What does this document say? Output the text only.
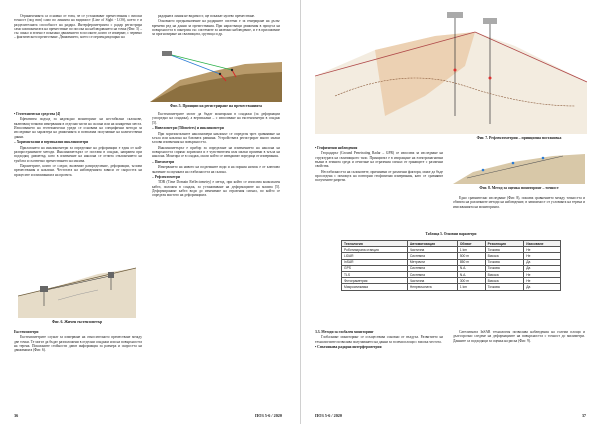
Ограниченията са основно от това, че се установяват премествания с високи точност (под mm) само по линията на видимост (Line of Sight - LOS), което е и разделителната способност на радара. Интерферометрията с радар регистрира само компонентата на преместване по посока на наблюдаването на точка (Фиг. 5) – със синьо и зелено е показано движението в посоките, които се измерват, с червено – фактическото преместване. Движението, което се перпендикулярно на

радарната линия не видимост, ще покажат нулево преместване.

Основното предназначение на радарните системи е за генериране на дълъг времеви ред на данни за премествания. При нарастващи движения в процеса на повърхността в синергия със системите за наземно наблюдение, и е в приложение за прогнозиране на свлачищата, срутища и др.

Фиг. 5. Принцип на регистриране на преместванията

• Геотехнически средства [4]

Ефективен подход за надеждно мониторинг на нестабилни склонове, включващ точкови измервания в отделни части на склона или на конкретни места. Използването на геотехнически уреди се основава на специфични методи за изследване на характера на движенията и позволява получаване на количествени данни.

– Хоризонтални и вертикални инклинометри

Прилагането на инклинометри за определяне на деформации е един от най-разпространените методи. Инклинометърът се поставя в сондаж, направен при подходящ диаметър, като в изменение на наклона се отчита отклонението на тръбата и съответно преместването на масива.

Параметрите, които се следят, включват разпределение, деформации, ъглови премествания и наклони. Честотата на наблюденията зависи от скоростта на процесите и изискванията на проекта.

Екстензометрите могат да бъдат монтирани в сондажи (за деформации успоредно на сондажа), а вертикални – с използване на екстензометри в сондаж [5].

– Нивелометри (Tiltmeters) и инклинометри

При хоризонталните наклономери наклонът се определя чрез сравняване на ъгъла или наклона на базовата равнина. Устройствата регистрират много малки ъглови изменения на повърхността.

Инклинометърът е прибор за определяне на изменението на наклона на повърхността спрямо хоризонта и е чувствителен към малки промени в ъгъла на наклона. Монтира се в сондаж, около който се извършват поредица от измервания.

– Пиезометри

Измерването на нивото на подземните води и на порния натиск е от ключово значение за оценката на стабилността на склона.

– Рефлектометри

TDR (Time Domain Reflectometry) е метод, при който се използва коаксиален кабел, положен в сондаж, за установяване на деформациите на масива [5]. Деформираният кабел води до изменение на отразения сигнал, по който се определя мястото на деформацията.

Фиг. 6. Жичен екстензометър

Екстензометри

Екстензометрите служат за измерване на относителното преместване между две точки. Те могат да бъдат разположени в отделни сондажи или на повърхността на терена. Показаните стойности дават информация за размера и скоростта на движенията (Фиг. 6).

36	ПОЗ 5-6 / 2020
Фиг. 7. Рефлектометрия – принципна постановка

• Геофизични наблюдения

Георадарът (Ground Penetrating Radar – GPR) се използва за изследване на структурата на свлачищното тяло. Принципът е в изпращане на електромагнитни вълни в земната среда и отчитане на отразения сигнал от границите с различни свойства.

Нестабилността на склоновете, причинени от различни фактори, може да бъде проследена с помощта на повторни геофизични измервания, като се сравняват получените разрези.

Фиг. 8. Метод за оценка мониторинг – точност

Едно сравнително изследване (Фиг. 8), показва сравнението между точността и обхвата на различните методи на наблюдение, в зависимост от условията на терена и изискванията на мониторинга.

Таблица 5. Основни параметри
Технология	Автоматизация	Обхват	Резолюция	Изискване
Роботизирана станция	Частична	1 km	Точкова	Не
LiDAR	Системна	500 m	Висока	Не
InSAR	Метрични	850 m	Точкова	Да
GPS	Системна	N.A.	Точкова	Да
TLS	Системна	N.A.	Висока	Не
Фотограметрия	Частична	300 m	Висока	Не
Микросеизмика	Непрекъсната	1 km	Точкова	Да

3.3. Методи за глобален мониторинг

Глобалният мониторинг се осъществява основно от въздуха. Развитието на технологиите позволява получаването на данни за големи площи с висока честота.

• Спътникова радарна интерферометрия

Сателитната InSAR технология позволява наблюдения на големи площи и дългосрочно следене на деформациите на повърхността с точност до милиметри. Данните са подходящи за оценка на риска (Фиг. 9).

ПОЗ 5-6 / 2020	37
